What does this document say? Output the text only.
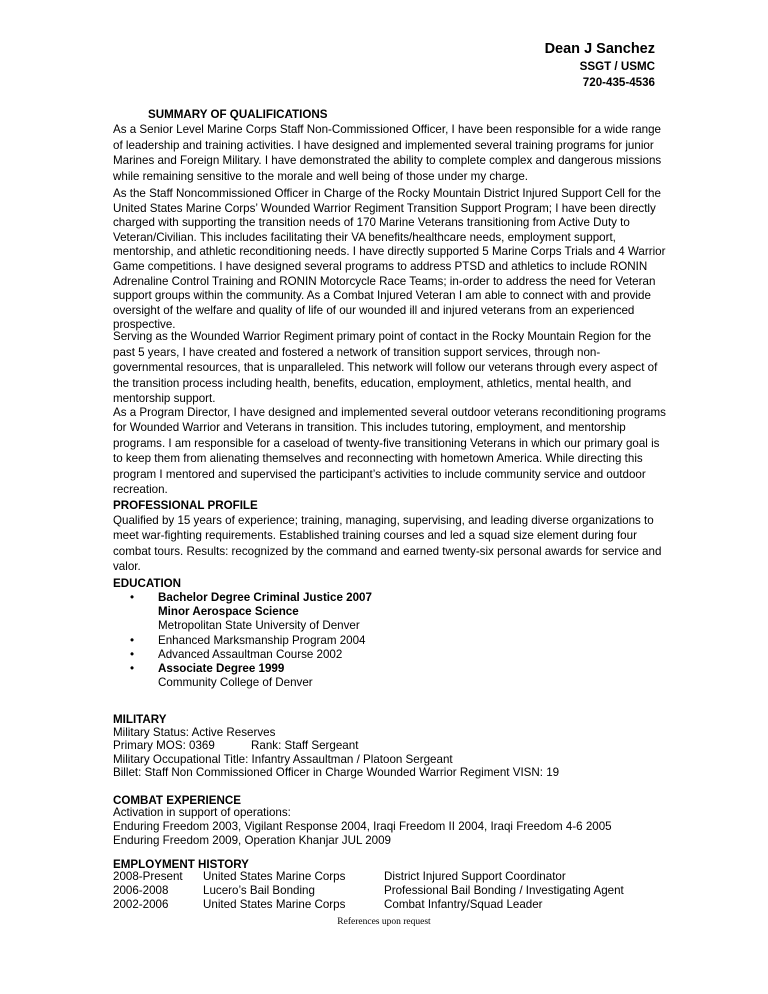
Dean J Sanchez
SSGT / USMC
720-435-4536
SUMMARY OF QUALIFICATIONS
As a Senior Level Marine Corps Staff Non-Commissioned Officer, I have been responsible for a wide range
of leadership and training activities. I have designed and implemented several training programs for junior
Marines and Foreign Military. I have demonstrated the ability to complete complex and dangerous missions
while remaining sensitive to the morale and well being of those under my charge.
As the Staff Noncommissioned Officer in Charge of the Rocky Mountain District Injured Support Cell for the
United States Marine Corps’ Wounded Warrior Regiment Transition Support Program; I have been directly
charged with supporting the transition needs of 170 Marine Veterans transitioning from Active Duty to
Veteran/Civilian. This includes facilitating their VA benefits/healthcare needs, employment support,
mentorship, and athletic reconditioning needs. I have directly supported 5 Marine Corps Trials and 4 Warrior
Game competitions. I have designed several programs to address PTSD and athletics to include RONIN
Adrenaline Control Training and RONIN Motorcycle Race Teams; in-order to address the need for Veteran
support groups within the community. As a Combat Injured Veteran I am able to connect with and provide
oversight of the welfare and quality of life of our wounded ill and injured veterans from an experienced
prospective.
Serving as the Wounded Warrior Regiment primary point of contact in the Rocky Mountain Region for the
past 5 years, I have created and fostered a network of transition support services, through non-
governmental resources, that is unparalleled. This network will follow our veterans through every aspect of
the transition process including health, benefits, education, employment, athletics, mental health, and
mentorship support.
As a Program Director, I have designed and implemented several outdoor veterans reconditioning programs
for Wounded Warrior and Veterans in transition. This includes tutoring, employment, and mentorship
programs. I am responsible for a caseload of twenty-five transitioning Veterans in which our primary goal is
to keep them from alienating themselves and reconnecting with hometown America. While directing this
program I mentored and supervised the participant’s activities to include community service and outdoor
recreation.
PROFESSIONAL PROFILE
Qualified by 15 years of experience; training, managing, supervising, and leading diverse organizations to
meet war-fighting requirements. Established training courses and led a squad size element during four
combat tours. Results: recognized by the command and earned twenty-six personal awards for service and
valor.
EDUCATION
• Bachelor Degree Criminal Justice 2007
Minor Aerospace Science
Metropolitan State University of Denver
• Enhanced Marksmanship Program 2004
• Advanced Assaultman Course 2002
• Associate Degree 1999
Community College of Denver
MILITARY
Military Status: Active Reserves
Primary MOS: 0369	Rank: Staff Sergeant
Military Occupational Title: Infantry Assaultman / Platoon Sergeant
Billet: Staff Non Commissioned Officer in Charge Wounded Warrior Regiment VISN: 19
COMBAT EXPERIENCE
Activation in support of operations:
Enduring Freedom 2003, Vigilant Response 2004, Iraqi Freedom II 2004, Iraqi Freedom 4-6 2005
Enduring Freedom 2009, Operation Khanjar JUL 2009
EMPLOYMENT HISTORY
2008-Present United States Marine Corps	District Injured Support Coordinator
2006-2008	Lucero’s Bail Bonding	Professional Bail Bonding / Investigating Agent
2002-2006	United States Marine Corps	Combat Infantry/Squad Leader
References upon request
